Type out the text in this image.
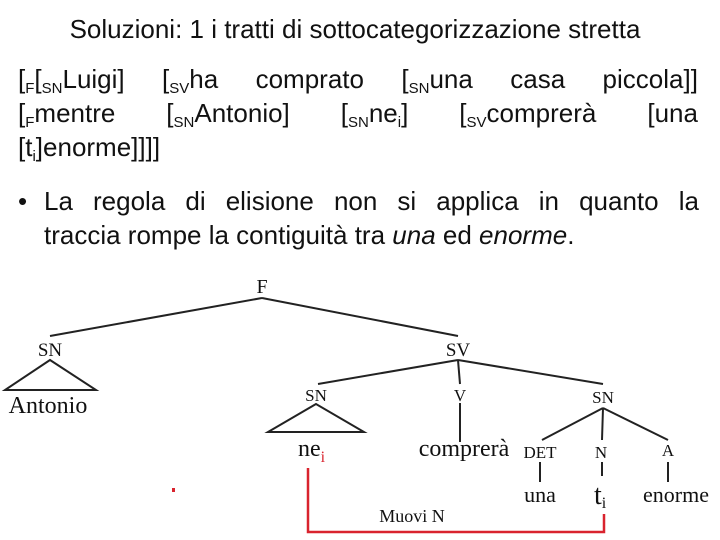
Soluzioni: 1 i tratti di sottocategorizzazione stretta
[$_F[_{SN}Luigi]$ [$_{SV}ha$ comprato [$_{SN}una$ casa piccola]]
[$_Fmentre$ $[_{SN}Antonio]$ $[_{SN}ne_i]$ [$_{SV}comprerà$ [una
$[t_i]enorme$]]]]
• La regola di elisione non si applica in quanto la
traccia rompe la contiguità tra una ed enorme .
F
SN
Antonio
SV
SN
$ne_i$
V
comprerà
SN
DET N	A
una ti enorme
Muovi N
